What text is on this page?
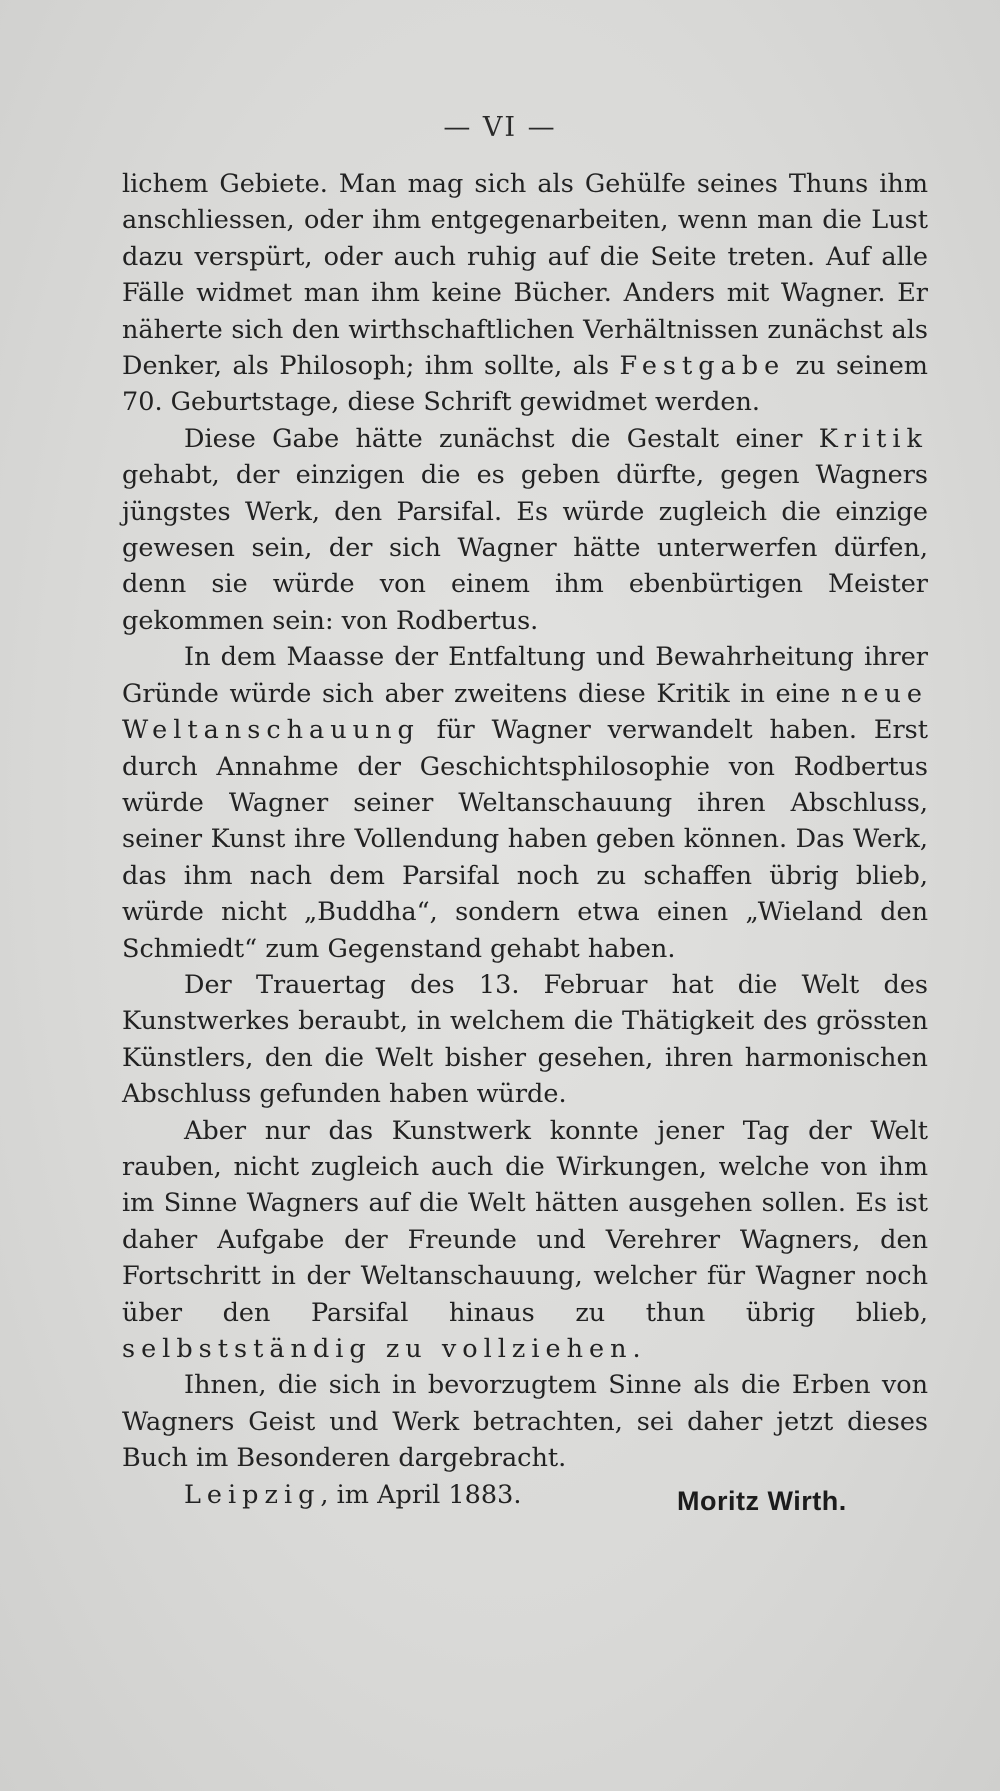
— VI —

lichem Gebiete. Man mag sich als Gehülfe seines Thuns ihm anschliessen, oder ihm entgegenarbeiten, wenn man die Lust dazu verspürt, oder auch ruhig auf die Seite treten. Auf alle Fälle widmet man ihm keine Bücher. Anders mit Wagner. Er näherte sich den wirthschaftlichen Verhältnissen zunächst als Denker, als Philosoph; ihm sollte, als Festgabe zu seinem 70. Geburtstage, diese Schrift gewidmet werden.

Diese Gabe hätte zunächst die Gestalt einer Kritik gehabt, der einzigen die es geben dürfte, gegen Wagners jüngstes Werk, den Parsifal. Es würde zugleich die einzige gewesen sein, der sich Wagner hätte unterwerfen dürfen, denn sie würde von einem ihm ebenbürtigen Meister gekommen sein: von Rodbertus.

In dem Maasse der Entfaltung und Bewahrheitung ihrer Gründe würde sich aber zweitens diese Kritik in eine neue Weltanschauung für Wagner verwandelt haben. Erst durch Annahme der Geschichtsphilosophie von Rodbertus würde Wagner seiner Weltanschauung ihren Abschluss, seiner Kunst ihre Vollendung haben geben können. Das Werk, das ihm nach dem Parsifal noch zu schaffen übrig blieb, würde nicht „Buddha“, sondern etwa einen „Wieland den Schmiedt“ zum Gegenstand gehabt haben.

Der Trauertag des 13. Februar hat die Welt des Kunstwerkes beraubt, in welchem die Thätigkeit des grössten Künstlers, den die Welt bisher gesehen, ihren harmonischen Abschluss gefunden haben würde.

Aber nur das Kunstwerk konnte jener Tag der Welt rauben, nicht zugleich auch die Wirkungen, welche von ihm im Sinne Wagners auf die Welt hätten ausgehen sollen. Es ist daher Aufgabe der Freunde und Verehrer Wagners, den Fortschritt in der Weltanschauung, welcher für Wagner noch über den Parsifal hinaus zu thun übrig blieb, selbstständig zu vollziehen.

Ihnen, die sich in bevorzugtem Sinne als die Erben von Wagners Geist und Werk betrachten, sei daher jetzt dieses Buch im Besonderen dargebracht.

Leipzig, im April 1883.	Moritz Wirth.
